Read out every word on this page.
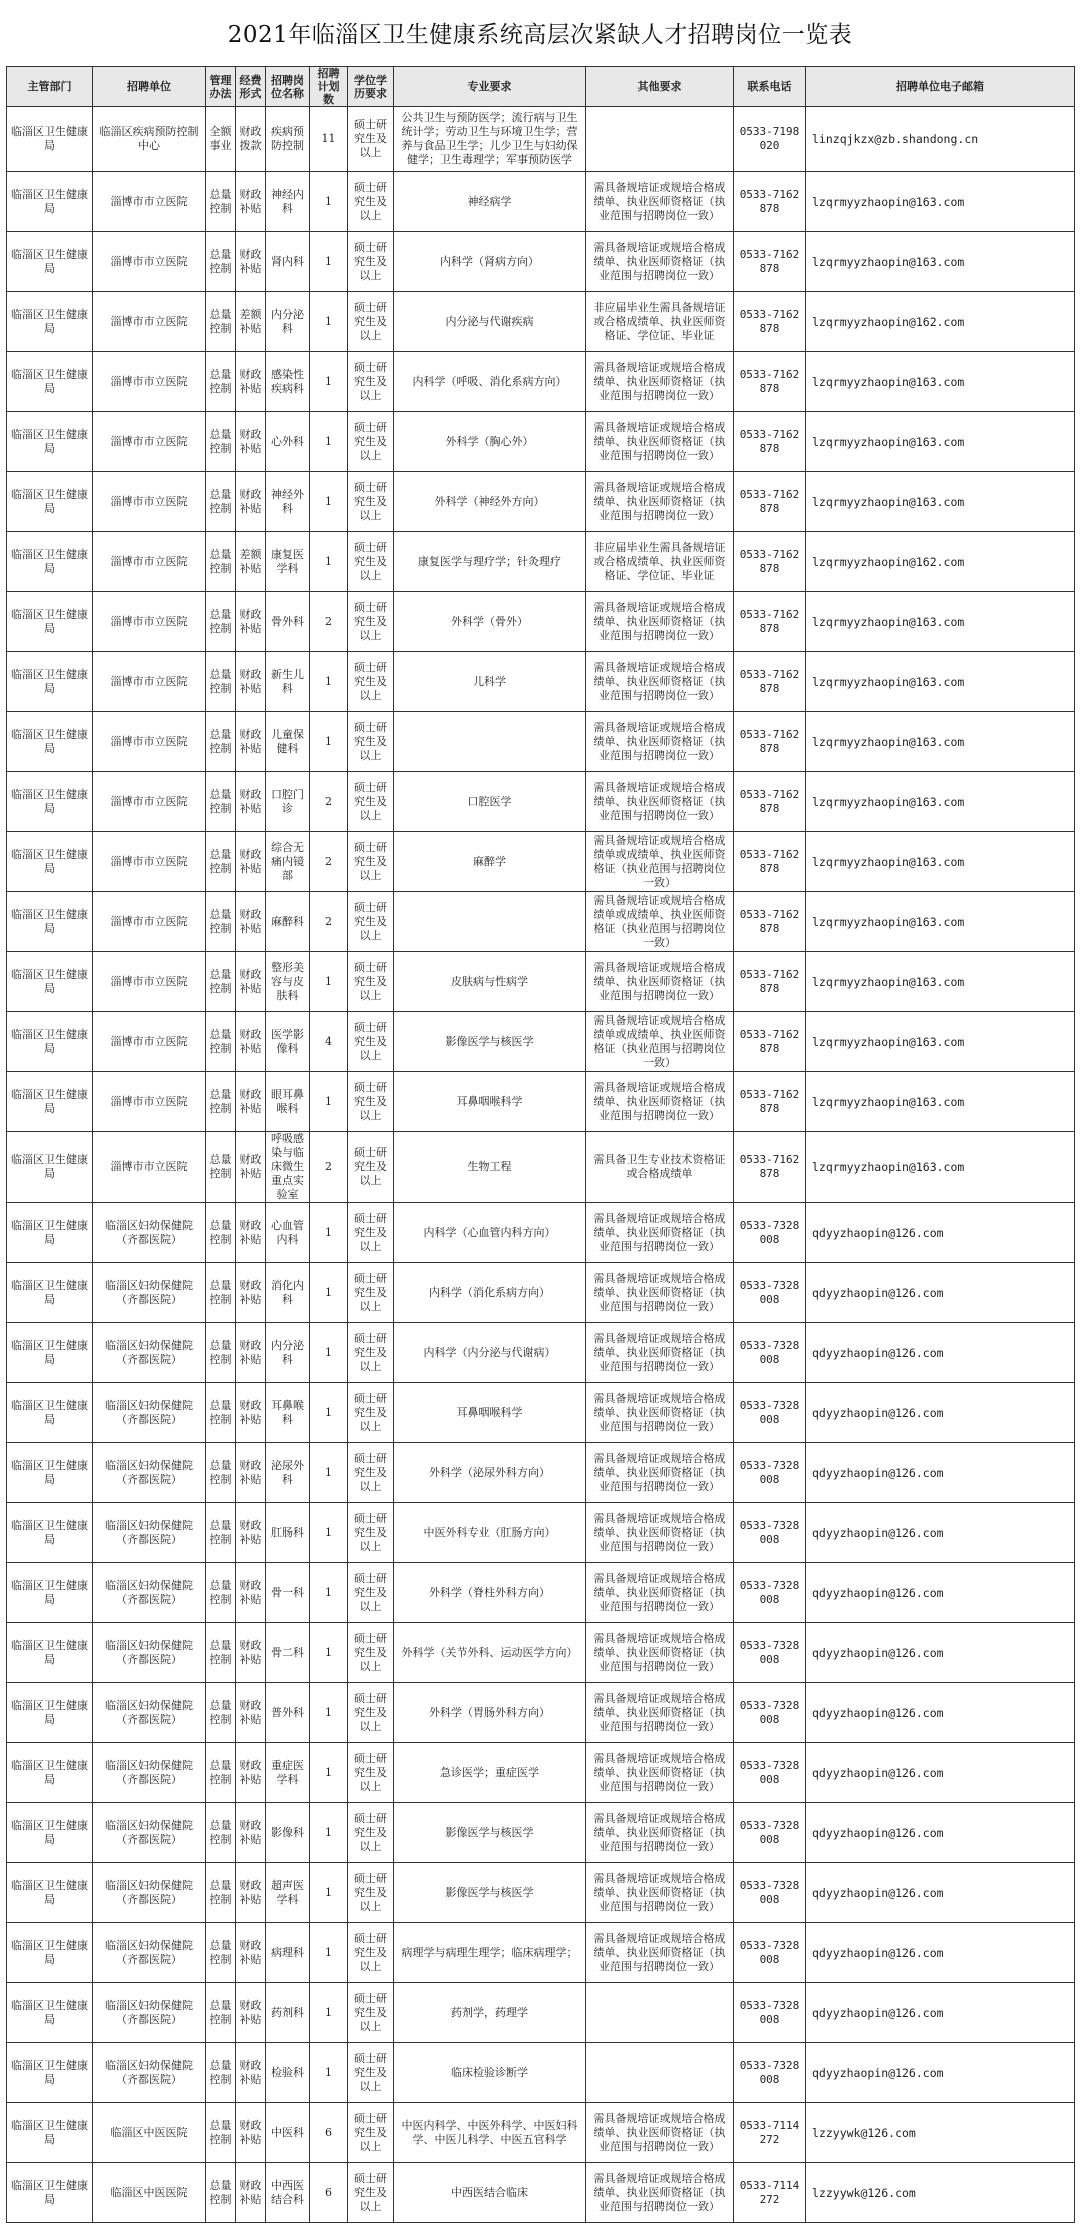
2021年临淄区卫生健康系统高层次紧缺人才招聘岗位一览表
主管部门	招聘单位	管理办法	经费形式	招聘岗位名称	招聘计划数	学位学历要求	专业要求	其他要求	联系电话	招聘单位电子邮箱
临淄区卫生健康局	临淄区疾病预防控制中心	全额事业	财政拨款	疾病预防控制	11	硕士研究生及以上	公共卫生与预防医学；流行病与卫生统计学；劳动卫生与环境卫生学；营养与食品卫生学；儿少卫生与妇幼保健学；卫生毒理学；军事预防医学		0533-7198020	linzqjkzx@zb.shandong.cn
临淄区卫生健康局	淄博市市立医院	总量控制	财政补贴	神经内科	1	硕士研究生及以上	神经病学	需具备规培证或规培合格成绩单、执业医师资格证（执业范围与招聘岗位一致）	0533-7162878	lzqrmyyzhaopin@163.com
临淄区卫生健康局	淄博市市立医院	总量控制	财政补贴	肾内科	1	硕士研究生及以上	内科学（肾病方向）	需具备规培证或规培合格成绩单、执业医师资格证（执业范围与招聘岗位一致）	0533-7162878	lzqrmyyzhaopin@163.com
临淄区卫生健康局	淄博市市立医院	总量控制	差额补贴	内分泌科	1	硕士研究生及以上	内分泌与代谢疾病	非应届毕业生需具备规培证或合格成绩单、执业医师资格证、学位证、毕业证	0533-7162878	lzqrmyyzhaopin@162.com
临淄区卫生健康局	淄博市市立医院	总量控制	财政补贴	感染性疾病科	1	硕士研究生及以上	内科学（呼吸、消化系病方向）	需具备规培证或规培合格成绩单、执业医师资格证（执业范围与招聘岗位一致）	0533-7162878	lzqrmyyzhaopin@163.com
临淄区卫生健康局	淄博市市立医院	总量控制	财政补贴	心外科	1	硕士研究生及以上	外科学（胸心外）	需具备规培证或规培合格成绩单、执业医师资格证（执业范围与招聘岗位一致）	0533-7162878	lzqrmyyzhaopin@163.com
临淄区卫生健康局	淄博市市立医院	总量控制	财政补贴	神经外科	1	硕士研究生及以上	外科学（神经外方向）	需具备规培证或规培合格成绩单、执业医师资格证（执业范围与招聘岗位一致）	0533-7162878	lzqrmyyzhaopin@163.com
临淄区卫生健康局	淄博市市立医院	总量控制	差额补贴	康复医学科	1	硕士研究生及以上	康复医学与理疗学；针灸理疗	非应届毕业生需具备规培证或合格成绩单、执业医师资格证、学位证、毕业证	0533-7162878	lzqrmyyzhaopin@162.com
临淄区卫生健康局	淄博市市立医院	总量控制	财政补贴	骨外科	2	硕士研究生及以上	外科学（骨外）	需具备规培证或规培合格成绩单、执业医师资格证（执业范围与招聘岗位一致）	0533-7162878	lzqrmyyzhaopin@163.com
临淄区卫生健康局	淄博市市立医院	总量控制	财政补贴	新生儿科	1	硕士研究生及以上	儿科学	需具备规培证或规培合格成绩单、执业医师资格证（执业范围与招聘岗位一致）	0533-7162878	lzqrmyyzhaopin@163.com
临淄区卫生健康局	淄博市市立医院	总量控制	财政补贴	儿童保健科	1	硕士研究生及以上		需具备规培证或规培合格成绩单、执业医师资格证（执业范围与招聘岗位一致）	0533-7162878	lzqrmyyzhaopin@163.com
临淄区卫生健康局	淄博市市立医院	总量控制	财政补贴	口腔门诊	2	硕士研究生及以上	口腔医学	需具备规培证或规培合格成绩单、执业医师资格证（执业范围与招聘岗位一致）	0533-7162878	lzqrmyyzhaopin@163.com
临淄区卫生健康局	淄博市市立医院	总量控制	财政补贴	综合无痛内镜部	2	硕士研究生及以上	麻醉学	需具备规培证或规培合格成绩单或成绩单、执业医师资格证（执业范围与招聘岗位一致）	0533-7162878	lzqrmyyzhaopin@163.com
临淄区卫生健康局	淄博市市立医院	总量控制	财政补贴	麻醉科	2	硕士研究生及以上		需具备规培证或规培合格成绩单或成绩单、执业医师资格证（执业范围与招聘岗位一致）	0533-7162878	lzqrmyyzhaopin@163.com
临淄区卫生健康局	淄博市市立医院	总量控制	财政补贴	整形美容与皮肤科	1	硕士研究生及以上	皮肤病与性病学	需具备规培证或规培合格成绩单、执业医师资格证（执业范围与招聘岗位一致）	0533-7162878	lzqrmyyzhaopin@163.com
临淄区卫生健康局	淄博市市立医院	总量控制	财政补贴	医学影像科	4	硕士研究生及以上	影像医学与核医学	需具备规培证或规培合格成绩单或成绩单、执业医师资格证（执业范围与招聘岗位一致）	0533-7162878	lzqrmyyzhaopin@163.com
临淄区卫生健康局	淄博市市立医院	总量控制	财政补贴	眼耳鼻喉科	1	硕士研究生及以上	耳鼻咽喉科学	需具备规培证或规培合格成绩单、执业医师资格证（执业范围与招聘岗位一致）	0533-7162878	lzqrmyyzhaopin@163.com
临淄区卫生健康局	淄博市市立医院	总量控制	财政补贴	呼吸感染与临床微生重点实验室	2	硕士研究生及以上	生物工程	需具备卫生专业技术资格证或合格成绩单	0533-7162878	lzqrmyyzhaopin@163.com
临淄区卫生健康局	临淄区妇幼保健院（齐都医院）	总量控制	财政补贴	心血管内科	1	硕士研究生及以上	内科学（心血管内科方向）	需具备规培证或规培合格成绩单、执业医师资格证（执业范围与招聘岗位一致）	0533-7328008	qdyyzhaopin@126.com
临淄区卫生健康局	临淄区妇幼保健院（齐都医院）	总量控制	财政补贴	消化内科	1	硕士研究生及以上	内科学（消化系病方向）	需具备规培证或规培合格成绩单、执业医师资格证（执业范围与招聘岗位一致）	0533-7328008	qdyyzhaopin@126.com
临淄区卫生健康局	临淄区妇幼保健院（齐都医院）	总量控制	财政补贴	内分泌科	1	硕士研究生及以上	内科学（内分泌与代谢病）	需具备规培证或规培合格成绩单、执业医师资格证（执业范围与招聘岗位一致）	0533-7328008	qdyyzhaopin@126.com
临淄区卫生健康局	临淄区妇幼保健院（齐都医院）	总量控制	财政补贴	耳鼻喉科	1	硕士研究生及以上	耳鼻咽喉科学	需具备规培证或规培合格成绩单、执业医师资格证（执业范围与招聘岗位一致）	0533-7328008	qdyyzhaopin@126.com
临淄区卫生健康局	临淄区妇幼保健院（齐都医院）	总量控制	财政补贴	泌尿外科	1	硕士研究生及以上	外科学（泌尿外科方向）	需具备规培证或规培合格成绩单、执业医师资格证（执业范围与招聘岗位一致）	0533-7328008	qdyyzhaopin@126.com
临淄区卫生健康局	临淄区妇幼保健院（齐都医院）	总量控制	财政补贴	肛肠科	1	硕士研究生及以上	中医外科专业（肛肠方向）	需具备规培证或规培合格成绩单、执业医师资格证（执业范围与招聘岗位一致）	0533-7328008	qdyyzhaopin@126.com
临淄区卫生健康局	临淄区妇幼保健院（齐都医院）	总量控制	财政补贴	骨一科	1	硕士研究生及以上	外科学（脊柱外科方向）	需具备规培证或规培合格成绩单、执业医师资格证（执业范围与招聘岗位一致）	0533-7328008	qdyyzhaopin@126.com
临淄区卫生健康局	临淄区妇幼保健院（齐都医院）	总量控制	财政补贴	骨二科	1	硕士研究生及以上	外科学（关节外科、运动医学方向）	需具备规培证或规培合格成绩单、执业医师资格证（执业范围与招聘岗位一致）	0533-7328008	qdyyzhaopin@126.com
临淄区卫生健康局	临淄区妇幼保健院（齐都医院）	总量控制	财政补贴	普外科	1	硕士研究生及以上	外科学（胃肠外科方向）	需具备规培证或规培合格成绩单、执业医师资格证（执业范围与招聘岗位一致）	0533-7328008	qdyyzhaopin@126.com
临淄区卫生健康局	临淄区妇幼保健院（齐都医院）	总量控制	财政补贴	重症医学科	1	硕士研究生及以上	急诊医学；重症医学	需具备规培证或规培合格成绩单、执业医师资格证（执业范围与招聘岗位一致）	0533-7328008	qdyyzhaopin@126.com
临淄区卫生健康局	临淄区妇幼保健院（齐都医院）	总量控制	财政补贴	影像科	1	硕士研究生及以上	影像医学与核医学	需具备规培证或规培合格成绩单、执业医师资格证（执业范围与招聘岗位一致）	0533-7328008	qdyyzhaopin@126.com
临淄区卫生健康局	临淄区妇幼保健院（齐都医院）	总量控制	财政补贴	超声医学科	1	硕士研究生及以上	影像医学与核医学	需具备规培证或规培合格成绩单、执业医师资格证（执业范围与招聘岗位一致）	0533-7328008	qdyyzhaopin@126.com
临淄区卫生健康局	临淄区妇幼保健院（齐都医院）	总量控制	财政补贴	病理科	1	硕士研究生及以上	病理学与病理生理学；临床病理学；	需具备规培证或规培合格成绩单、执业医师资格证（执业范围与招聘岗位一致）	0533-7328008	qdyyzhaopin@126.com
临淄区卫生健康局	临淄区妇幼保健院（齐都医院）	总量控制	财政补贴	药剂科	1	硕士研究生及以上	药剂学，药理学		0533-7328008	qdyyzhaopin@126.com
临淄区卫生健康局	临淄区妇幼保健院（齐都医院）	总量控制	财政补贴	检验科	1	硕士研究生及以上	临床检验诊断学		0533-7328008	qdyyzhaopin@126.com
临淄区卫生健康局	临淄区中医医院	总量控制	财政补贴	中医科	6	硕士研究生及以上	中医内科学、中医外科学、中医妇科学、中医儿科学、中医五官科学	需具备规培证或规培合格成绩单、执业医师资格证（执业范围与招聘岗位一致）	0533-7114272	lzzyywk@126.com
临淄区卫生健康局	临淄区中医医院	总量控制	财政补贴	中西医结合科	6	硕士研究生及以上	中西医结合临床	需具备规培证或规培合格成绩单、执业医师资格证（执业范围与招聘岗位一致）	0533-7114272	lzzyywk@126.com
